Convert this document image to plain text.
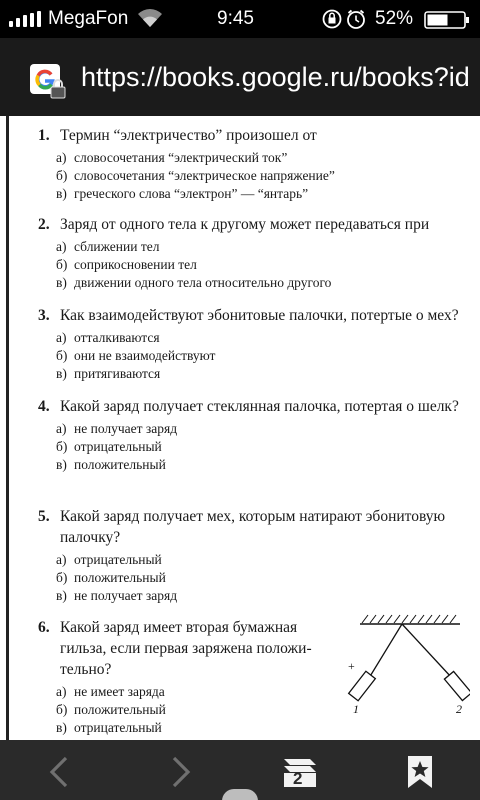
MegaFon	9:45	52%
https://books.google.ru/books?id
1. Термин “электричество” произошел от
а) словосочетания “электрический ток”
б) словосочетания “электрическое напряжение”
в) греческого слова “электрон” — “янтарь”
2. Заряд от одного тела к другому может передаваться при
а) сближении тел
б) соприкосновении тел
в) движении одного тела относительно другого
3. Как взаимодействуют эбонитовые палочки, потертые о мех?
а) отталкиваются
б) они не взаимодействуют
в) притягиваются
4. Какой заряд получает стеклянная палочка, потертая о шелк?
а) не получает заряд
б) отрицательный
в) положительный
5. Какой заряд получает мех, которым натирают эбонитовую палочку?
а) отрицательный
б) положительный
в) не получает заряд
6. Какой заряд имеет вторая бумажная гильза, если первая заряжена положительно?
а) не имеет заряда
б) положительный
в) отрицательный
+
1	2
2
